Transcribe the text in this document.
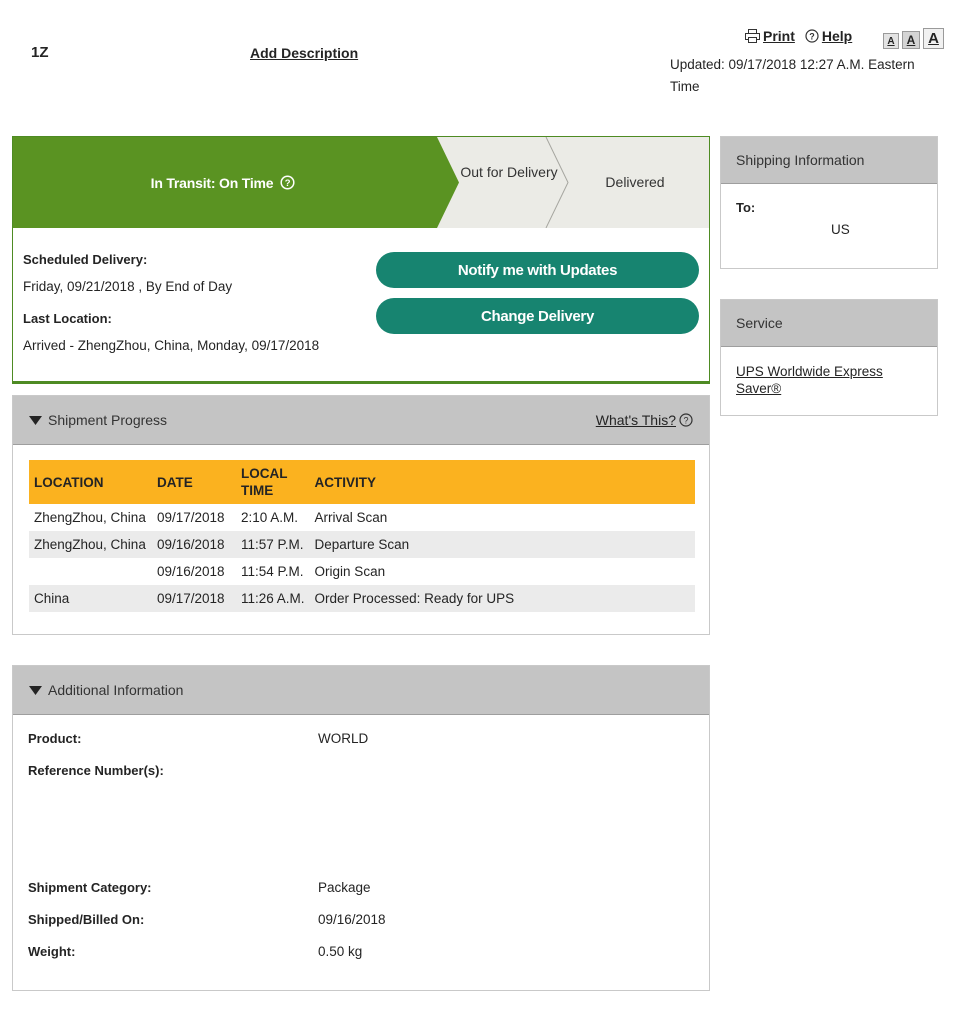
1Z	Add Description
Print ? Help	A	A A
Updated: 09/17/2018 12:27 A.M. Eastern Time
In Transit: On Time ?
Out for Delivery
Delivered
Scheduled Delivery:
Friday, 09/21/2018 , By End of Day
Last Location:
Arrived - ZhengZhou, China, Monday, 09/17/2018
Notify me with Updates
Change Delivery
Shipping Information
To:
US
Service
UPS Worldwide Express Saver®
Shipment Progress	What's This? ?
LOCATION	DATE	LOCAL TIME	ACTIVITY
ZhengZhou, China	09/17/2018	2:10 A.M.	Arrival Scan
ZhengZhou, China	09/16/2018	11:57 P.M.	Departure Scan
	09/16/2018	11:54 P.M.	Origin Scan
China	09/17/2018	11:26 A.M.	Order Processed: Ready for UPS
Additional Information
Product:	WORLD
Reference Number(s):
Shipment Category:	Package
Shipped/Billed On:	09/16/2018
Weight:	0.50 kg
